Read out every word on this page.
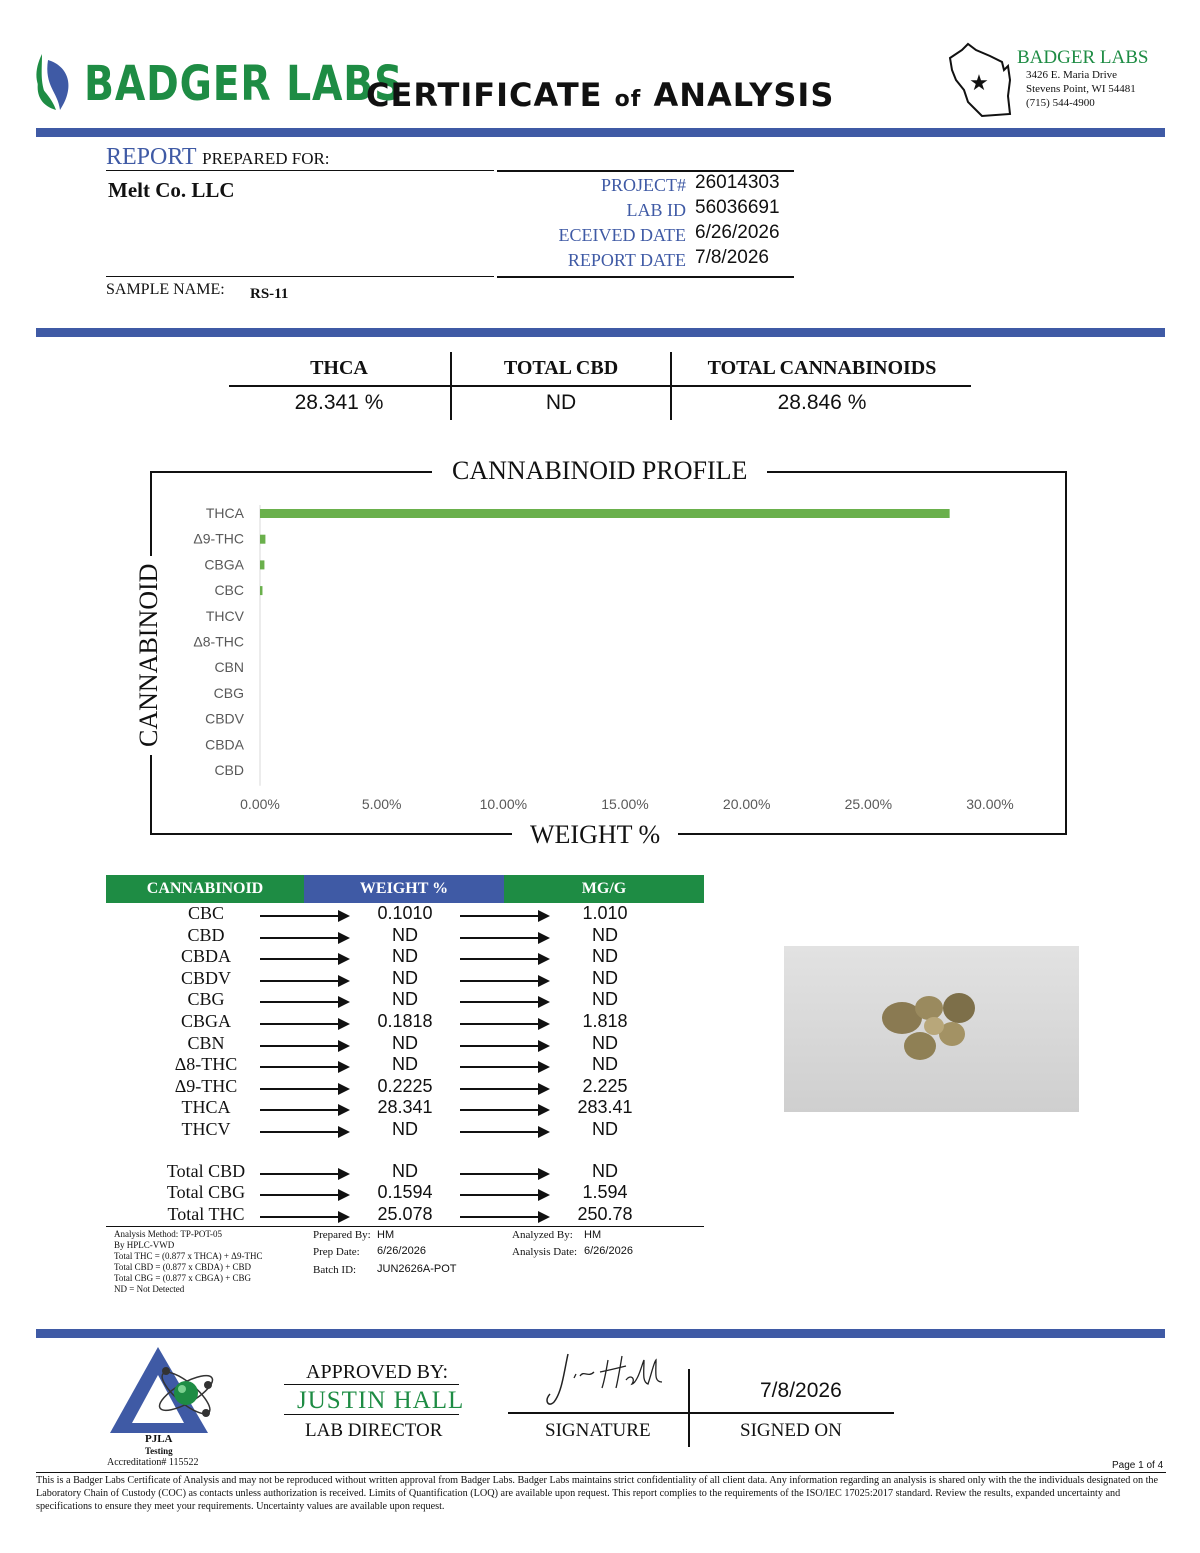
BADGER LABS
CERTIFICATE of ANALYSIS	★
BADGER LABS
3426 E. Maria Drive
Stevens Point, WI 54481
(715) 544-4900
REPORT PREPARED FOR:
Melt Co. LLC	PROJECT# 26014303
LAB ID 56036691
ECEIVED DATE 6/26/2026
REPORT DATE 7/8/2026
SAMPLE NAME: RS-11
THCA	TOTAL CBD	TOTAL CANNABINOIDS
28.341 %	ND	28.846 %
THCA
Δ9-THC
CBGA
CBC
THCV
Δ8-THC
CBN
CBG
CBDV
CBDA
CBD
0.00%	5.00%	10.00%	15.00%	20.00%	25.00%	30.00%
CANNABINOID PROFILE
WEIGHT %
CANNABINOID
CANNABINOID	WEIGHT %	MG/G
CBC	0.1010	1.010
CBD	ND	ND
CBDA	ND	ND
CBDV	ND	ND
CBG	ND	ND
CBGA	0.1818	1.818
CBN	ND	ND
Δ8-THC	ND	ND
Δ9-THC	0.2225	2.225
THCA	28.341	283.41
THCV	ND	ND
Total CBD	ND	ND
Total CBG	0.1594	1.594
Total THC	25.078	250.78
Analysis Method: TP-POT-05
By HPLC-VWD
Total THC = (0.877 x THCA) + Δ9-THC
Total CBD = (0.877 x CBDA) + CBD
Total CBG = (0.877 x CBGA) + CBG
ND = Not Detected
Prepared By: HM
Prep Date: 6/26/2026
Batch ID: JUN2626A-POT
Analyzed By: HM
Analysis Date: 6/26/2026
PJLA
Testing
Accreditation# 115522
APPROVED BY:
JUSTIN HALL
LAB DIRECTOR
7/8/2026
SIGNATURE	SIGNED ON
Page 1 of 4
This is a Badger Labs Certificate of Analysis and may not be reproduced without written approval from Badger Labs. Badger Labs maintains strict confidentiality of all client data. Any information regarding an analysis is shared only with the the individuals designated on the Laboratory Chain of Custody (COC) as contacts unless authorization is received. Limits of Quantification (LOQ) are available upon request. This report complies to the requirements of the ISO/IEC 17025:2017 standard. Review the results, expanded uncertainty and specifications to ensure they meet your requirements. Uncertainty values are available upon request.
